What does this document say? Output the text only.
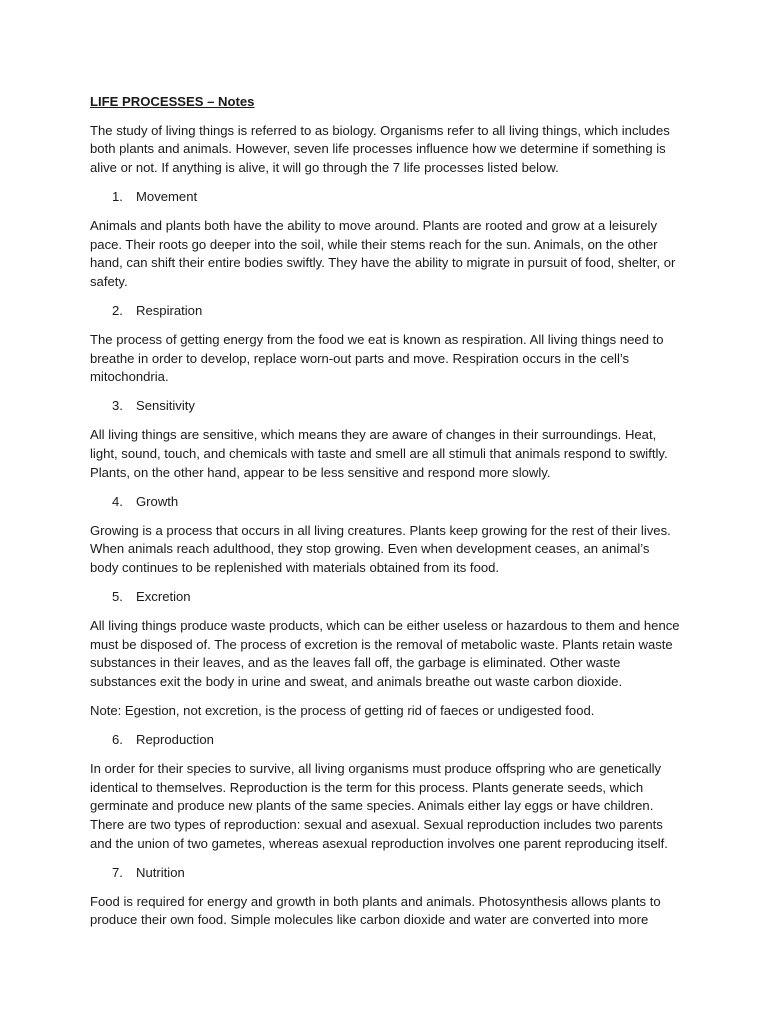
LIFE PROCESSES – Notes

The study of living things is referred to as biology. Organisms refer to all living things, which includes both plants and animals. However, seven life processes influence how we determine if something is alive or not. If anything is alive, it will go through the 7 life processes listed below.

1. Movement

Animals and plants both have the ability to move around. Plants are rooted and grow at a leisurely pace. Their roots go deeper into the soil, while their stems reach for the sun. Animals, on the other hand, can shift their entire bodies swiftly. They have the ability to migrate in pursuit of food, shelter, or safety.

2. Respiration

The process of getting energy from the food we eat is known as respiration. All living things need to breathe in order to develop, replace worn-out parts and move. Respiration occurs in the cell’s mitochondria.

3. Sensitivity

All living things are sensitive, which means they are aware of changes in their surroundings. Heat, light, sound, touch, and chemicals with taste and smell are all stimuli that animals respond to swiftly. Plants, on the other hand, appear to be less sensitive and respond more slowly.

4. Growth

Growing is a process that occurs in all living creatures. Plants keep growing for the rest of their lives. When animals reach adulthood, they stop growing. Even when development ceases, an animal’s body continues to be replenished with materials obtained from its food.

5. Excretion

All living things produce waste products, which can be either useless or hazardous to them and hence must be disposed of. The process of excretion is the removal of metabolic waste. Plants retain waste substances in their leaves, and as the leaves fall off, the garbage is eliminated. Other waste substances exit the body in urine and sweat, and animals breathe out waste carbon dioxide.

Note: Egestion, not excretion, is the process of getting rid of faeces or undigested food.

6. Reproduction

In order for their species to survive, all living organisms must produce offspring who are genetically identical to themselves. Reproduction is the term for this process. Plants generate seeds, which germinate and produce new plants of the same species. Animals either lay eggs or have children. There are two types of reproduction: sexual and asexual. Sexual reproduction includes two parents and the union of two gametes, whereas asexual reproduction involves one parent reproducing itself.

7. Nutrition

Food is required for energy and growth in both plants and animals. Photosynthesis allows plants to produce their own food. Simple molecules like carbon dioxide and water are converted into more
